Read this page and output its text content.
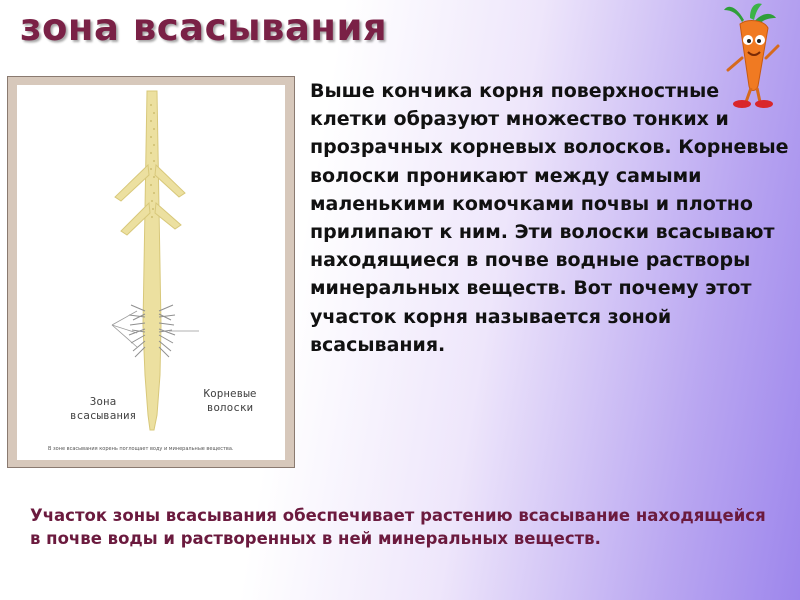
зона всасывания
Зона всасывания
Корневые волоски
В зоне всасывания корень поглощает воду и минеральные вещества.

Выше кончика корня поверхностные клетки образуют множество тонких и прозрачных корневых волосков. Корневые волоски проникают между самыми маленькими комочками почвы и плотно прилипают к ним. Эти волоски всасывают находящиеся в почве водные растворы минеральных веществ. Вот почему этот участок корня называется зоной всасывания.

Участок зоны всасывания обеспечивает растению всасывание находящейся в почве воды и растворенных в ней минеральных веществ.
